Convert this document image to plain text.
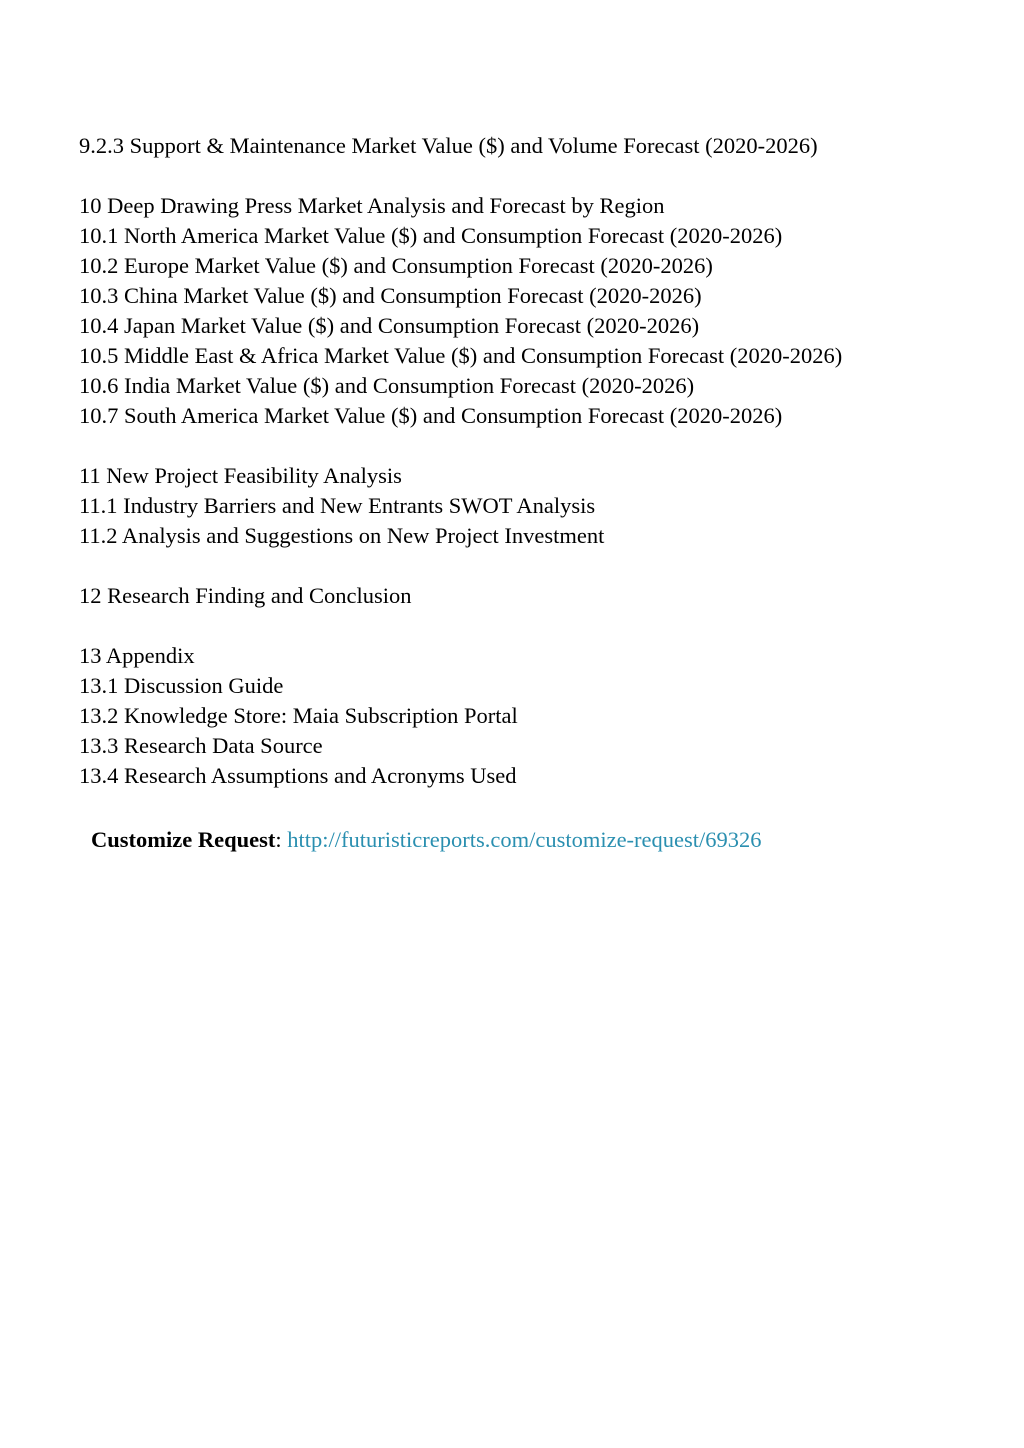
9.2.3 Support & Maintenance Market Value ($) and Volume Forecast (2020-2026)
10 Deep Drawing Press Market Analysis and Forecast by Region
10.1 North America Market Value ($) and Consumption Forecast (2020-2026)
10.2 Europe Market Value ($) and Consumption Forecast (2020-2026)
10.3 China Market Value ($) and Consumption Forecast (2020-2026)
10.4 Japan Market Value ($) and Consumption Forecast (2020-2026)
10.5 Middle East & Africa Market Value ($) and Consumption Forecast (2020-2026)
10.6 India Market Value ($) and Consumption Forecast (2020-2026)
10.7 South America Market Value ($) and Consumption Forecast (2020-2026)
11 New Project Feasibility Analysis
11.1 Industry Barriers and New Entrants SWOT Analysis
11.2 Analysis and Suggestions on New Project Investment
12 Research Finding and Conclusion
13 Appendix
13.1 Discussion Guide
13.2 Knowledge Store: Maia Subscription Portal
13.3 Research Data Source
13.4 Research Assumptions and Acronyms Used
Customize Request: http://futuristicreports.com/customize-request/69326
